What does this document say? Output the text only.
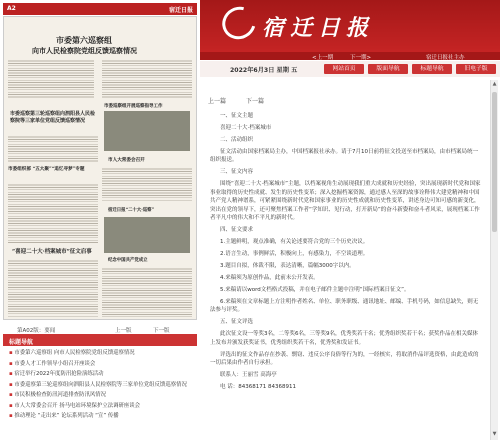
A2	宿迁日报
市委第六巡察组
向市人民检察院党组反馈巡察情况
市委巡察组开展巡察指导工作
市委巡察第三轮巡察组向泗阳县人民检察院等三家单位党组反馈巡察情况
市委组织部 “五大聚”“追忆寻梦”专题
市人大常委会召开
宿迁日报“二十大·巡察”
纪念中国共产党成立
“喜迎二十大·档案城市”征文启事
第A02版：要闻	上一版	下一版
标题导航
▪ 市委第六巡察组 向市人民检察院党组反馈巡察情况
▪ 市委人才工作领导小组召开座谈会
▪ 宿迁举行2022年度防汛抢险演练活动
▪ 市委巡察第三轮巡察组向泗阳县人民检察院等三家单位党组反馈巡察情况
▪ 市民积极检查防汛河道排查防汛风情况
▪ 市人大常委会召开 扬马电站环境保护立法调研座谈会
▪ 推动理论 “走出来” 论坛系列活动 “宣” 传播
宿迁日报
<上一期	下一期>	宿迁日报社主办
2022年6月3日 星期 五	网站首页	版面导航	标题导航	旧电子版
上一篇	下一篇

一、征文主题

喜迎二十大·档案城市

二、活动组织

征文活动由国家档案局主办，中国档案报社承办。请于7月10日前将征文投送至市档案局，由市档案局统一组织报送。

三、征文内容

围绕“喜迎二十大·档案城市”主题，以档案视角生动展现我们重大成就和历史经验，突出展现新时代党和国家事业取得的历史性成就、发生的历史性变革；深入挖掘档案资源，通过感人至深的故事诠释伟大建党精神和中国共产党人精神谱系，可紧紧围绕新时代党和国家事业的历史性成就和历史性变革，讲述身边可知可感的新变化，突出在党的领导下，还可聚焦档案工作者“学知识、见行动，打开新局”的奋斗新姿和奋斗者风采，展现档案工作者平凡中的伟大和不平凡的新时代。

四、征文要求

1.主题鲜明，观点准确，有关论述要符合党的三个历史决议。

2.语言生动，事例鲜活，积极向上，有感染力，不空谈道理。

3.题目自拟，体裁不限，表达清晰，篇幅3000字以内。

4.来稿须为原创作品，此前未公开发表。

5.来稿请以word文档格式投稿，并在电子邮件主题中注明“国际档案日征文”。

6.来稿须在文章标题上方注明作者姓名、单位、职务职级、通讯地址、邮编、手机号码，如信息缺失，则无法参与评奖。

五、征文评选

此次征文设一等奖3名，二等奖6名，三等奖9名，优秀奖若干名；优秀组织奖若干名；获奖作品在相关媒体上发布并颁发获奖证书，优秀组织奖若干名，优秀奖和发证书。

评选出的征文作品存在抄袭、剽窃、违反公序良俗等行为的，一经核实，将取消作品评选资格，由此造成的一切后果由作者自行承担。

联系人：王丽雪 高海亭

电 话：84368171 84368911

▲
▼
